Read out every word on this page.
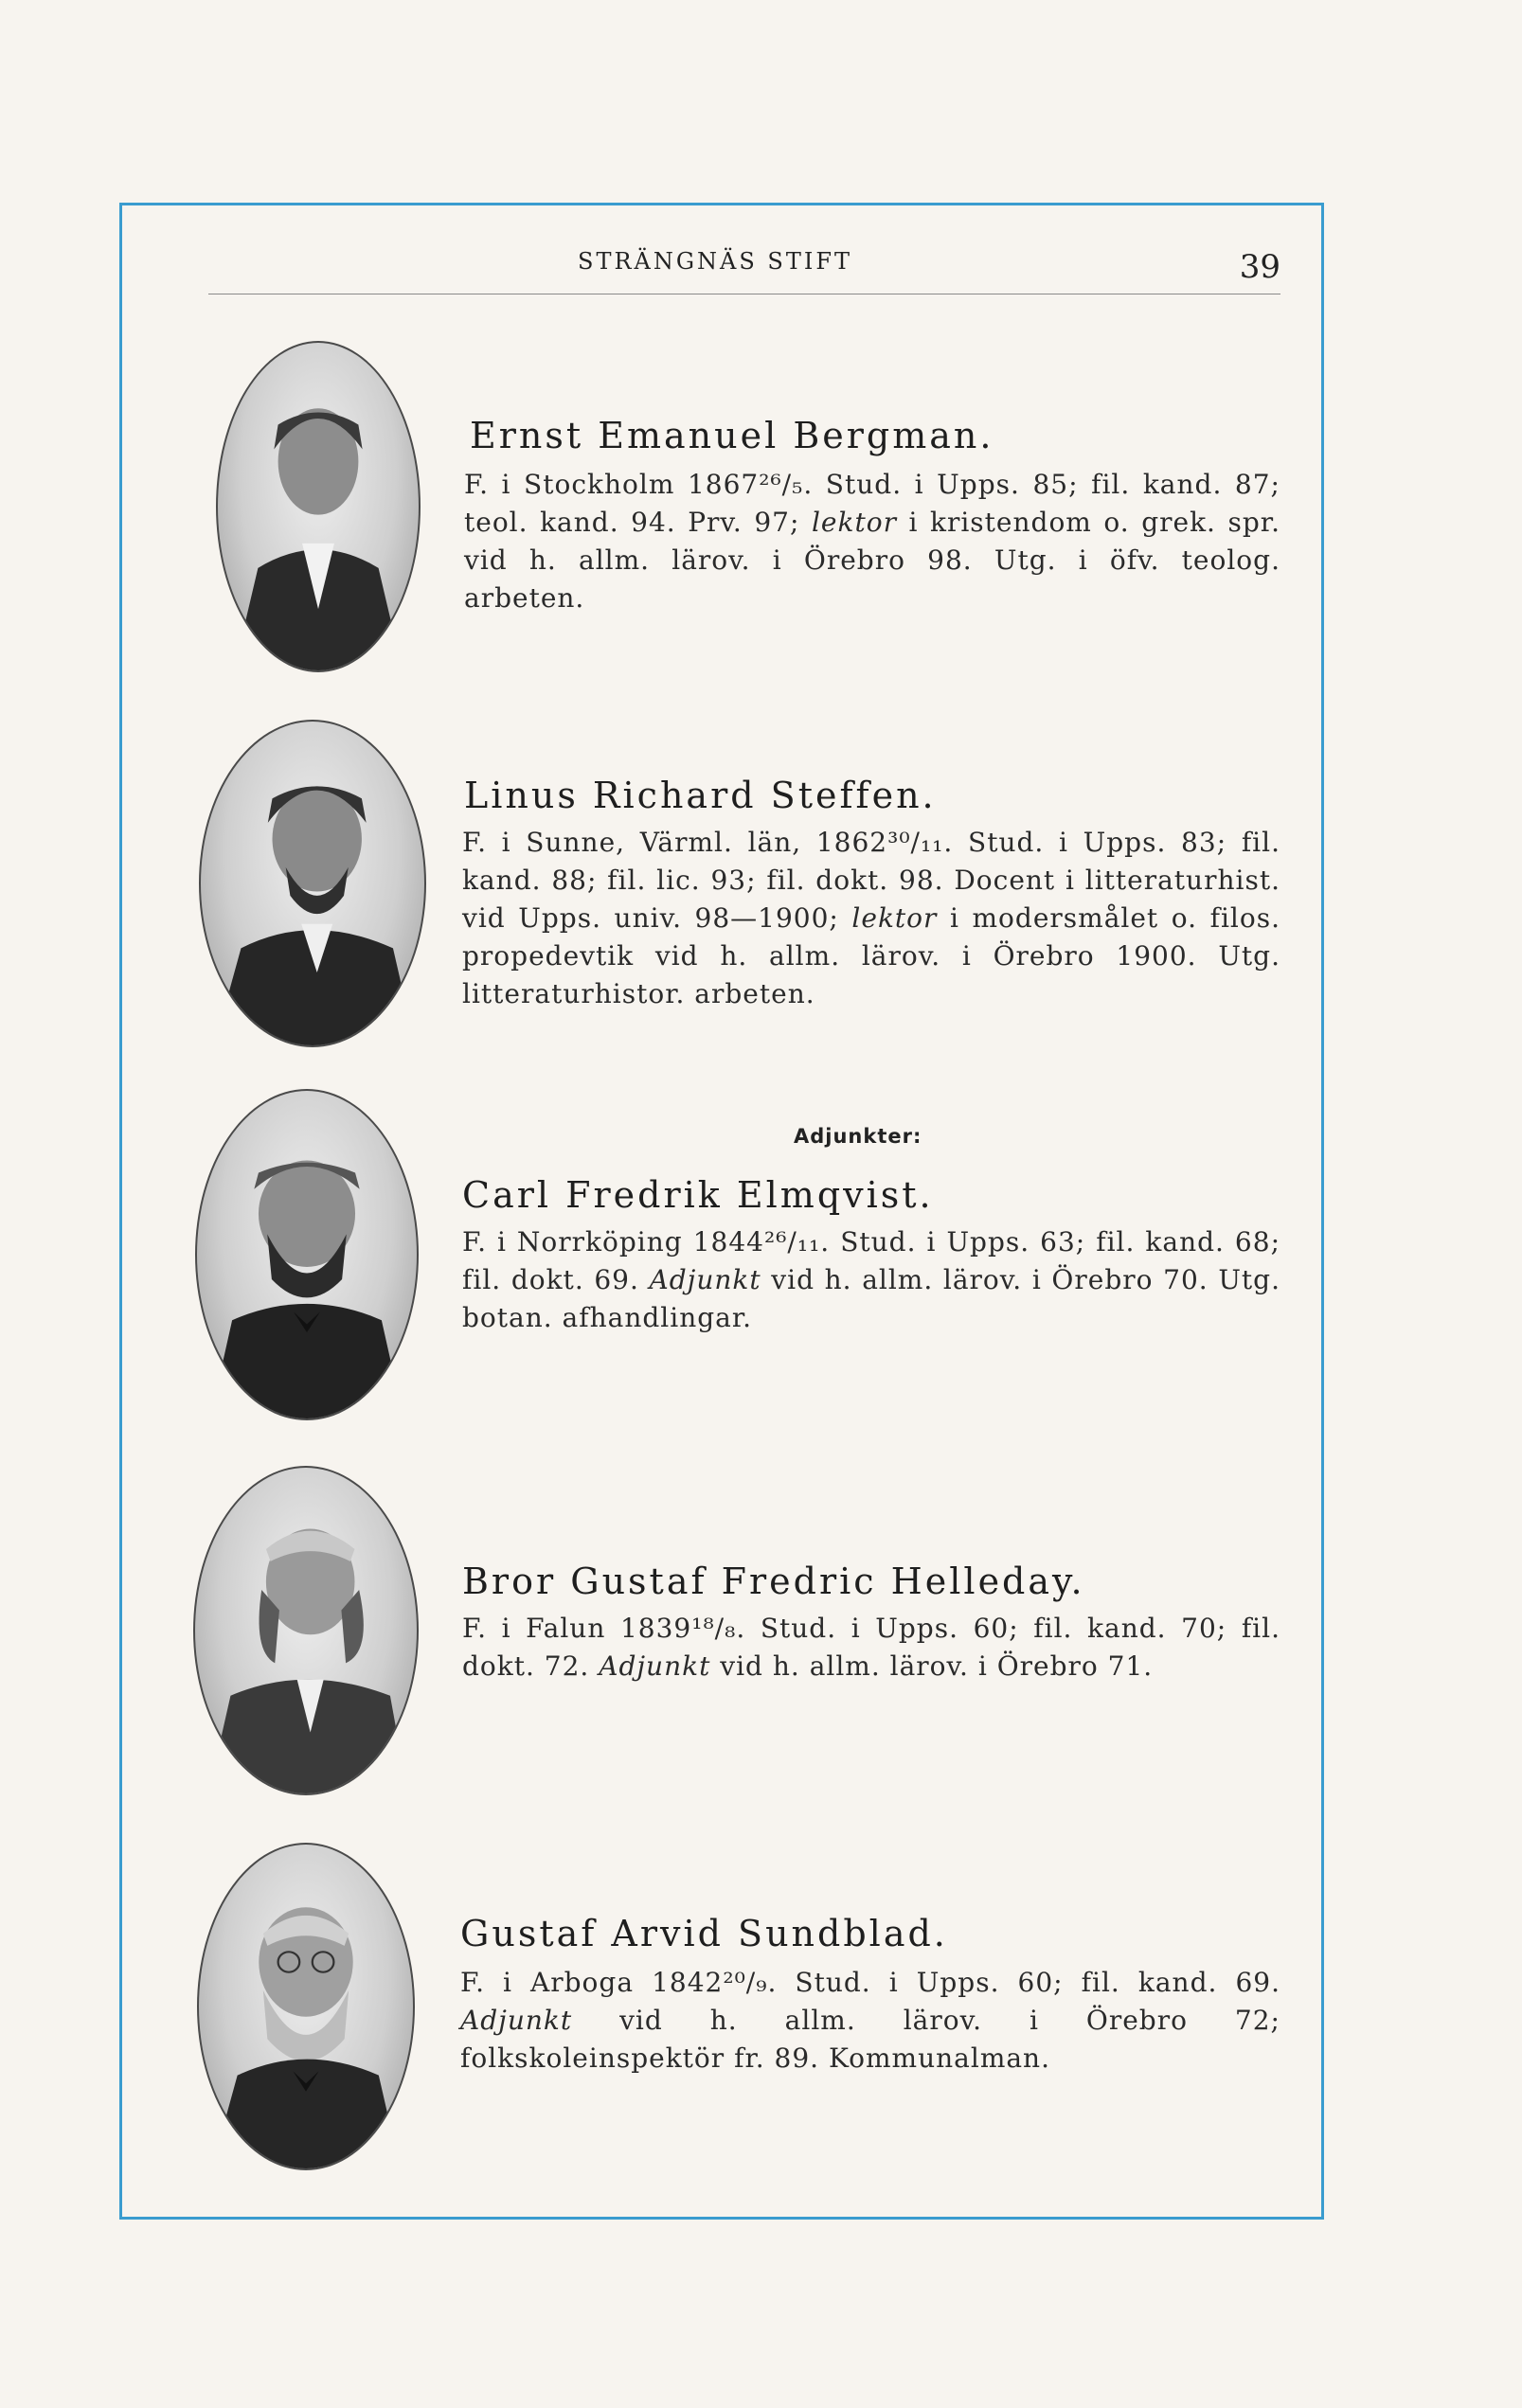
STRÄNGNÄS STIFT	39
Ernst Emanuel Bergman.

F. i Stockholm 1867²⁶/₅. Stud. i Upps. 85; fil. kand. 87; teol. kand. 94. Prv. 97; lektor i kristendom o. grek. spr. vid h. allm. lärov. i Örebro 98. Utg. i öfv. teolog. arbeten.

Linus Richard Steffen.

F. i Sunne, Värml. län, 1862³⁰/₁₁. Stud. i Upps. 83; fil. kand. 88; fil. lic. 93; fil. dokt. 98. Docent i litteraturhist. vid Upps. univ. 98—1900; lektor i modersmålet o. filos. propedevtik vid h. allm. lärov. i Örebro 1900. Utg. litteraturhistor. arbeten.

Adjunkter:
Carl Fredrik Elmqvist.

F. i Norrköping 1844²⁶/₁₁. Stud. i Upps. 63; fil. kand. 68; fil. dokt. 69. Adjunkt vid h. allm. lärov. i Örebro 70. Utg. botan. afhandlingar.

Bror Gustaf Fredric Helleday.

F. i Falun 1839¹⁸/₈. Stud. i Upps. 60; fil. kand. 70; fil. dokt. 72. Adjunkt vid h. allm. lärov. i Örebro 71.

Gustaf Arvid Sundblad.

F. i Arboga 1842²⁰/₉. Stud. i Upps. 60; fil. kand. 69. Adjunkt vid h. allm. lärov. i Örebro 72; folkskoleinspektör fr. 89. Kommunalman.
